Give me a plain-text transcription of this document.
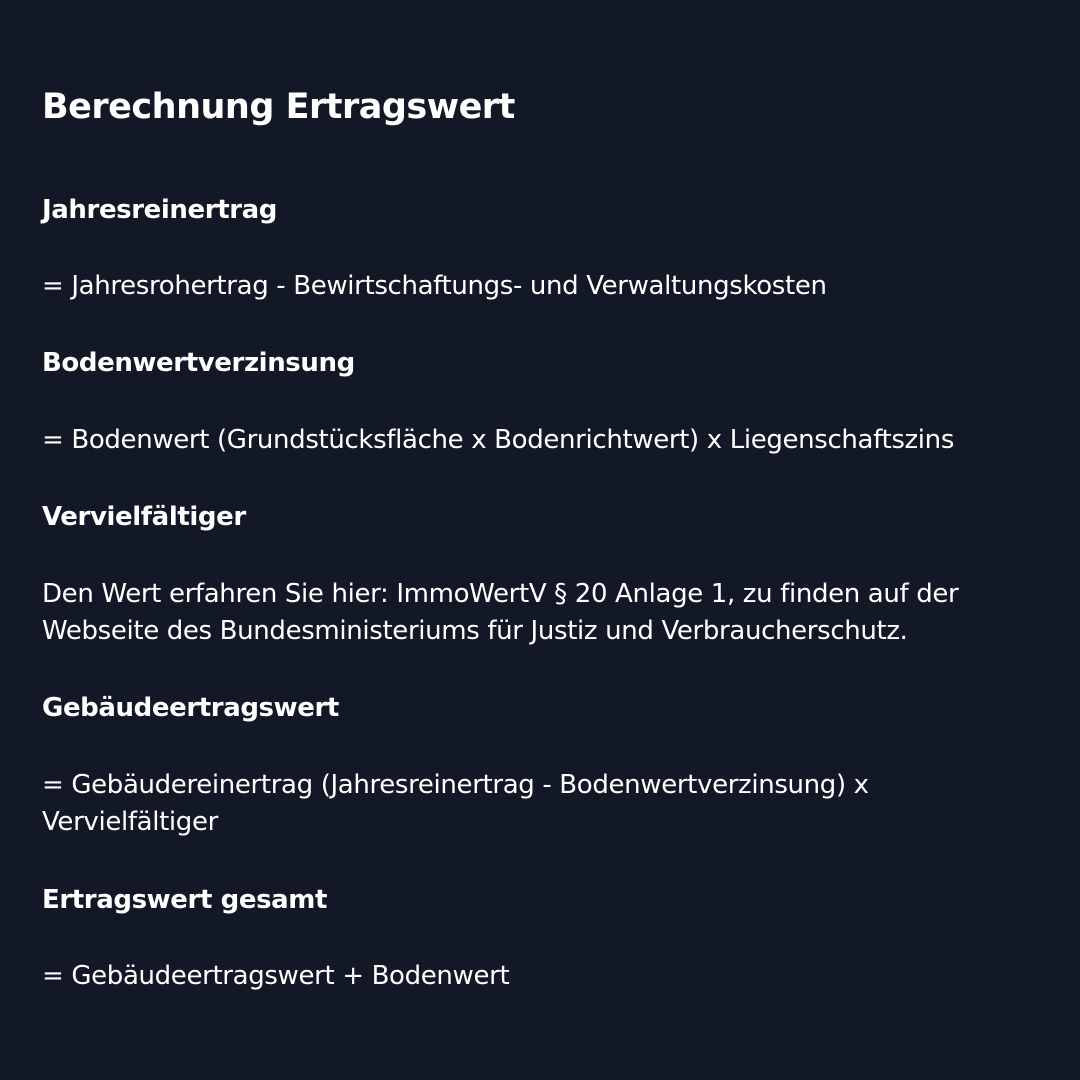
Berechnung Ertragswert
Jahresreinertrag

= Jahresrohertrag - Bewirtschaftungs- und Verwaltungskosten

Bodenwertverzinsung

= Bodenwert (Grundstücksfläche x Bodenrichtwert) x Liegenschaftszins

Vervielfältiger

Den Wert erfahren Sie hier: ImmoWertV § 20 Anlage 1, zu finden auf der
Webseite des Bundesministeriums für Justiz und Verbraucherschutz.

Gebäudeertragswert

= Gebäudereinertrag (Jahresreinertrag - Bodenwertverzinsung) x
Vervielfältiger

Ertragswert gesamt

= Gebäudeertragswert + Bodenwert
